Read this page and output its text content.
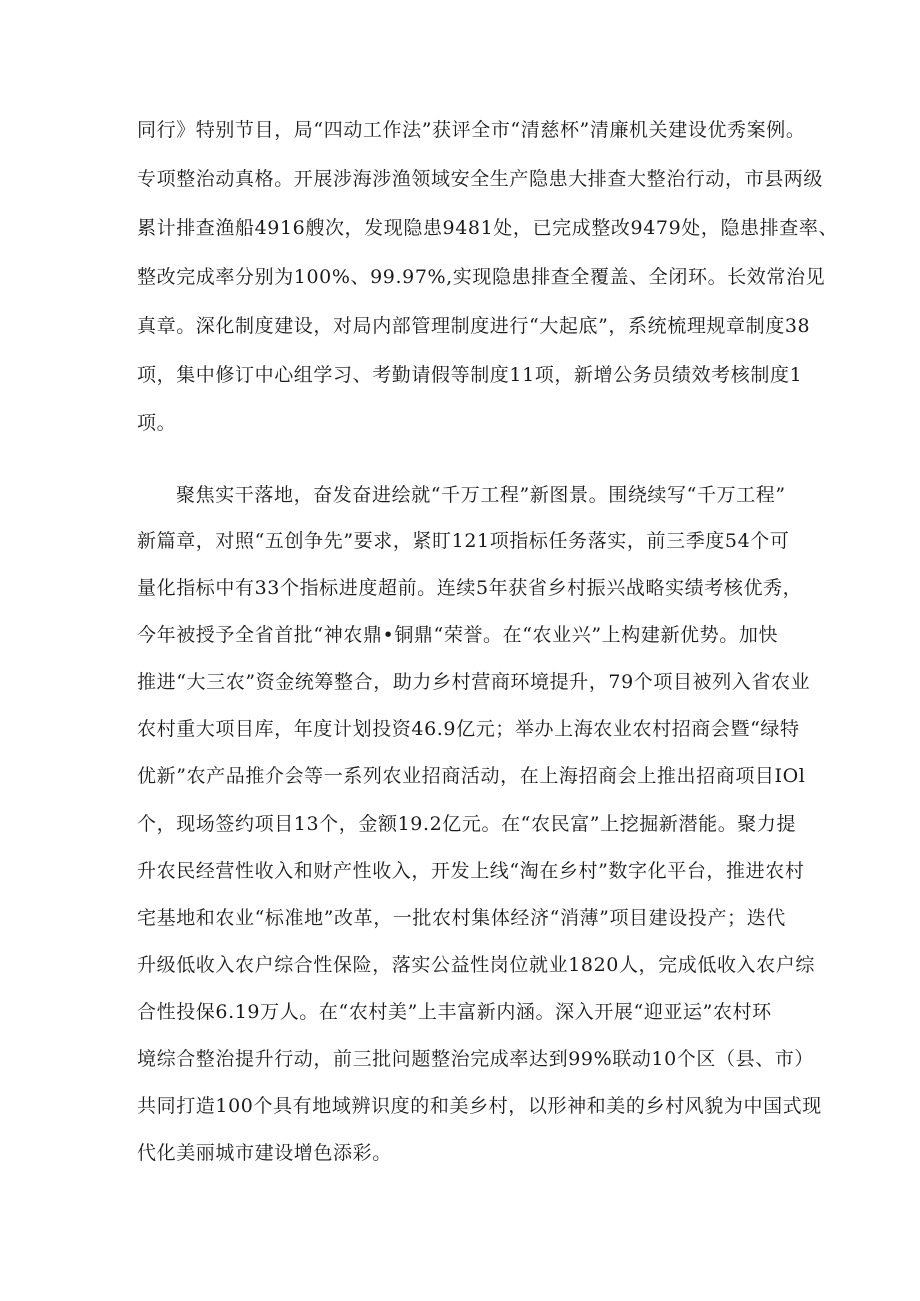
同行》特别节目，局“四动工作法”获评全市“清慈杯”清廉机关建设优秀案例。
专项整治动真格。开展涉海涉渔领域安全生产隐患大排查大整治行动，市县两级
累计排查渔船4916艘次，发现隐患9481处，已完成整改9479处，隐患排查率、
整改完成率分别为100%、99.97%,实现隐患排查全覆盖、全闭环。长效常治见
真章。深化制度建设，对局内部管理制度进行“大起底”，系统梳理规章制度38
项，集中修订中心组学习、考勤请假等制度11项，新增公务员绩效考核制度1
项。
聚焦实干落地，奋发奋进绘就“千万工程”新图景。围绕续写“千万工程”
新篇章，对照“五创争先”要求，紧盯121项指标任务落实，前三季度54个可
量化指标中有33个指标进度超前。连续5年获省乡村振兴战略实绩考核优秀，
今年被授予全省首批“神农鼎•铜鼎“荣誉。在“农业兴”上构建新优势。加快
推进“大三农”资金统筹整合，助力乡村营商环境提升，79个项目被列入省农业
农村重大项目库，年度计划投资46.9亿元；举办上海农业农村招商会暨“绿特
优新”农产品推介会等一系列农业招商活动，在上海招商会上推出招商项目IOl
个，现场签约项目13个，金额19.2亿元。在“农民富”上挖掘新潜能。聚力提
升农民经营性收入和财产性收入，开发上线“淘在乡村”数字化平台，推进农村
宅基地和农业“标准地”改革，一批农村集体经济“消薄”项目建设投产；迭代
升级低收入农户综合性保险，落实公益性岗位就业1820人，完成低收入农户综
合性投保6.19万人。在“农村美”上丰富新内涵。深入开展“迎亚运”农村环
境综合整治提升行动，前三批问题整治完成率达到99%联动10个区（县、市）
共同打造100个具有地域辨识度的和美乡村，以形神和美的乡村风貌为中国式现
代化美丽城市建设增色添彩。
